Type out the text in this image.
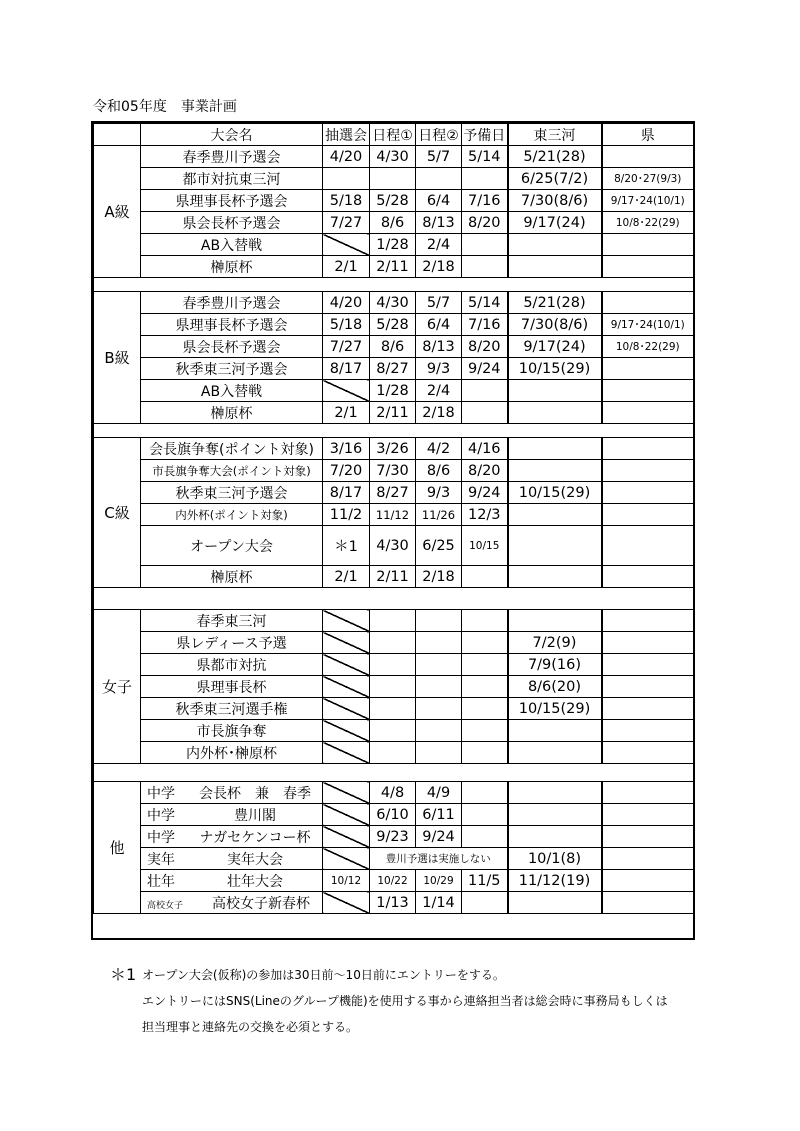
令和05年度　事業計画
	大会名	抽選会	日程①	日程②	予備日	東三河	県
A級	春季豊川予選会	4/20	4/30	5/7	5/14	5/21(28)	
	都市対抗東三河					6/25(7/2)	8/20･27(9/3)
	県理事長杯予選会	5/18	5/28	6/4	7/16	7/30(8/6)	9/17･24(10/1)
	県会長杯予選会	7/27	8/6	8/13	8/20	9/17(24)	10/8･22(29)
	AB入替戦		1/28	2/4			
	榊原杯	2/1	2/11	2/18			

B級	春季豊川予選会	4/20	4/30	5/7	5/14	5/21(28)	
	県理事長杯予選会	5/18	5/28	6/4	7/16	7/30(8/6)	9/17･24(10/1)
	県会長杯予選会	7/27	8/6	8/13	8/20	9/17(24)	10/8･22(29)
	秋季東三河予選会	8/17	8/27	9/3	9/24	10/15(29)	
	AB入替戦		1/28	2/4			
	榊原杯	2/1	2/11	2/18			

C級	会長旗争奪(ポイント対象)	3/16	3/26	4/2	4/16		
	市長旗争奪大会(ポイント対象)	7/20	7/30	8/6	8/20		
	秋季東三河予選会	8/17	8/27	9/3	9/24	10/15(29)	
	内外杯(ポイント対象)	11/2	11/12	11/26	12/3		
	オープン大会	＊1	4/30	6/25	10/15		
	榊原杯	2/1	2/11	2/18			

女子	春季東三河						
	県レディース予選					7/2(9)	
	県都市対抗					7/9(16)	
	県理事長杯					8/6(20)	
	秋季東三河選手権					10/15(29)	
	市長旗争奪						
	内外杯･榊原杯						

他	中学 会長杯　兼　春季		4/8	4/9			
	中学 豊川閣		6/10	6/11			
	中学 ナガセケンコー杯		9/23	9/24			
	実年 実年大会		豊川予選は実施しない			10/1(8)	
	壮年 壮年大会	10/12	10/22	10/29	11/5	11/12(19)	
	高校女子 高校女子新春杯		1/13	1/14			
＊1 オープン大会(仮称)の参加は30日前～10日前にエントリーをする。
エントリーにはSNS(Lineのグループ機能)を使用する事から連絡担当者は総会時に事務局もしくは
担当理事と連絡先の交換を必須とする。
